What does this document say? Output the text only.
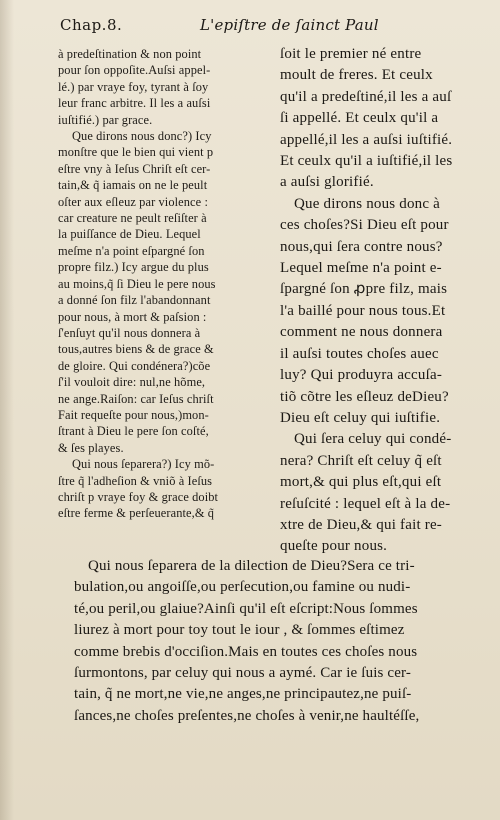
Chap.8.	L'epiſtre de ſainct Paul
à predeſtination & non point
pour ſon oppoſite.Auſsi appel-
lé.) par vraye foy, tyrant à ſoy
leur franc arbitre. Il les a auſsi
iuſtifié.) par grace.
Que dirons nous donc?) Icy
monſtre que le bien qui vient p
eſtre vny à Ieſus Chriſt eſt cer-
tain,& q̃ iamais on ne le peult
oſter aux eſleuz par violence :
car creature ne peult reſiſter à
la puiſſance de Dieu. Lequel
meſme n'a point eſpargné ſon
propre filz.) Icy argue du plus
au moins,q̃ ſi Dieu le pere nous
a donné ſon filz l'abandonnant
pour nous, à mort & paſsion :
ſ'enſuyt qu'il nous donnera à
tous,autres biens & de grace &
de gloire. Qui condénera?)cõe
ſ'il vouloit dire: nul,ne hõme,
ne ange.Raiſon: car Ieſus chriſt
Fait requeſte pour nous,)mon-
ſtrant à Dieu le pere ſon coſté,
& ſes playes.
Qui nous ſeparera?) Icy mõ-
ſtre q̃ l'adheſion & vniõ à Ieſus
chriſt p vraye foy & grace doibt
eſtre ferme & perſeuerante,& q̃
ſoit le premier né entre
moult de freres. Et ceulx
qu'il a predeſtiné,il les a auſ
ſi appellé. Et ceulx qu'il a
appellé,il les a auſsi iuſtifié.
Et ceulx qu'il a iuſtifié,il les
a auſsi glorifié.
Que dirons nous donc à
ces choſes?Si Dieu eſt pour
nous,qui ſera contre nous?
Lequel meſme n'a point e-
ſpargné ſon ꝓpre filz, mais
l'a baillé pour nous tous.Et
comment ne nous donnera
il auſsi toutes choſes auec
luy? Qui produyra accuſa-
tiõ cõtre les eſleuz deDieu?
Dieu eſt celuy qui iuſtifie.
Qui ſera celuy qui condé-
nera? Chriſt eſt celuy q̃ eſt
mort,& qui plus eſt,qui eſt
reſuſcité : lequel eſt à la de-
xtre de Dieu,& qui fait re-
queſte pour nous.
Qui nous ſeparera de la dilection de Dieu?Sera ce tri-
bulation,ou angoiſſe,ou perſecution,ou famine ou nudi-
té,ou peril,ou glaiue?Ainſi qu'il eſt eſcript:Nous ſommes
liurez à mort pour toy tout le iour , & ſommes eſtimez
comme brebis d'occiſion.Mais en toutes ces choſes nous
ſurmontons, par celuy qui nous a aymé. Car ie ſuis cer-
tain, q̃ ne mort,ne vie,ne anges,ne principautez,ne puiſ-
ſances,ne choſes preſentes,ne choſes à venir,ne haultéſſe,
